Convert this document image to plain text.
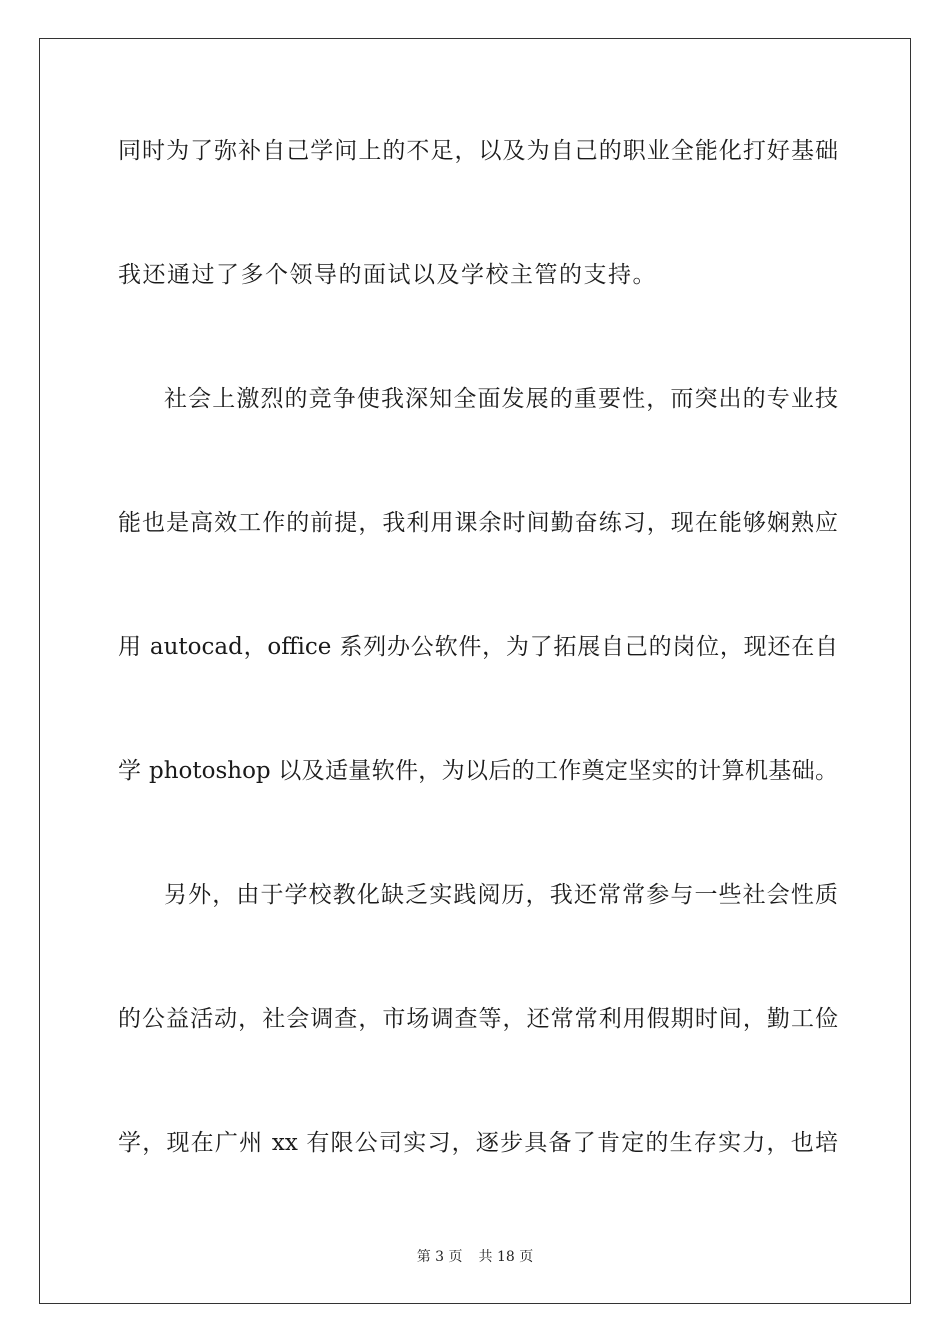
同时为了弥补自己学问上的不足，以及为自己的职业全能化打好基础
我还通过了多个领导的面试以及学校主管的支持。
社会上激烈的竞争使我深知全面发展的重要性，而突出的专业技
能也是高效工作的前提，我利用课余时间勤奋练习，现在能够娴熟应
用 autocad，office 系列办公软件，为了拓展自己的岗位，现还在自
学 photoshop 以及适量软件，为以后的工作奠定坚实的计算机基础。
另外，由于学校教化缺乏实践阅历，我还常常参与一些社会性质
的公益活动，社会调查，市场调查等，还常常利用假期时间，勤工俭
学，现在广州 xx 有限公司实习，逐步具备了肯定的生存实力，也培
第 3 页 共 18 页
